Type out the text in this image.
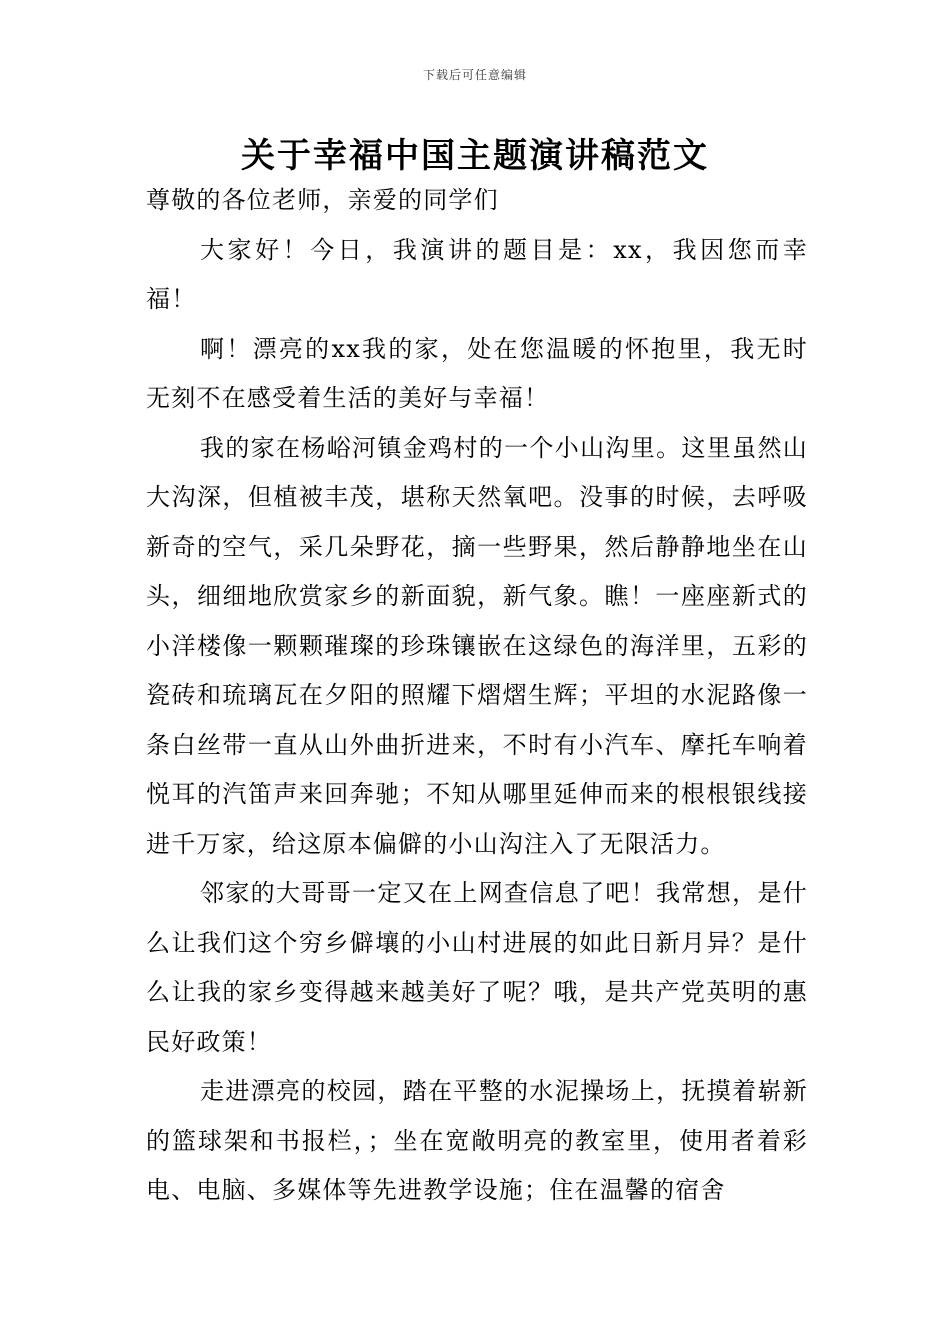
下载后可任意编辑
关于幸福中国主题演讲稿范文

尊敬的各位老师，亲爱的同学们

大家好！今日，我演讲的题目是：xx，我因您而幸福！

啊！漂亮的xx我的家，处在您温暖的怀抱里，我无时无刻不在感受着生活的美好与幸福！

我的家在杨峪河镇金鸡村的一个小山沟里。这里虽然山大沟深，但植被丰茂，堪称天然氧吧。没事的时候，去呼吸新奇的空气，采几朵野花，摘一些野果，然后静静地坐在山头，细细地欣赏家乡的新面貌，新气象。瞧！一座座新式的小洋楼像一颗颗璀璨的珍珠镶嵌在这绿色的海洋里，五彩的瓷砖和琉璃瓦在夕阳的照耀下熠熠生辉；平坦的水泥路像一条白丝带一直从山外曲折进来，不时有小汽车、摩托车响着悦耳的汽笛声来回奔驰；不知从哪里延伸而来的根根银线接进千万家，给这原本偏僻的小山沟注入了无限活力。

邻家的大哥哥一定又在上网查信息了吧！我常想，是什么让我们这个穷乡僻壤的小山村进展的如此日新月异？是什么让我的家乡变得越来越美好了呢？哦，是共产党英明的惠民好政策！

走进漂亮的校园，踏在平整的水泥操场上，抚摸着崭新的篮球架和书报栏，；坐在宽敞明亮的教室里，使用者着彩电、电脑、多媒体等先进教学设施；住在温馨的宿舍
